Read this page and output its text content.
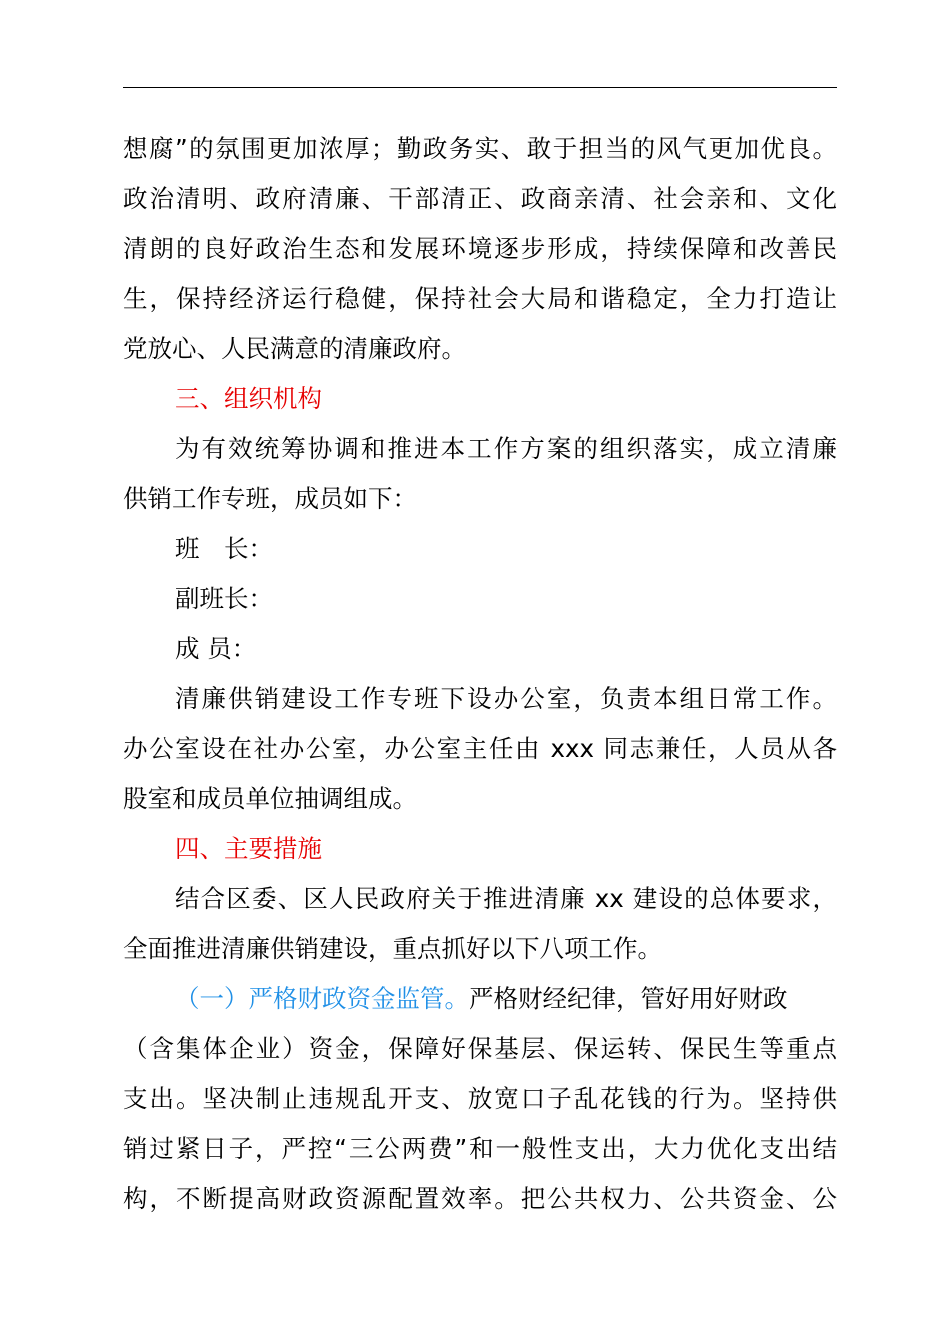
想腐”的氛围更加浓厚；勤政务实、敢于担当的风气更加优良。
政治清明、政府清廉、干部清正、政商亲清、社会亲和、文化
清朗的良好政治生态和发展环境逐步形成，持续保障和改善民
生，保持经济运行稳健，保持社会大局和谐稳定，全力打造让
党放心、人民满意的清廉政府。
三、组织机构
为有效统筹协调和推进本工作方案的组织落实，成立清廉
供销工作专班，成员如下：
班　长：
副班长：
成 员：
清廉供销建设工作专班下设办公室，负责本组日常工作。
办公室设在社办公室，办公室主任由 xxx 同志兼任，人员从各
股室和成员单位抽调组成。
四、主要措施
结合区委、区人民政府关于推进清廉 xx 建设的总体要求，
全面推进清廉供销建设，重点抓好以下八项工作。
（一）严格财政资金监管。严格财经纪律，管好用好财政
（含集体企业）资金，保障好保基层、保运转、保民生等重点
支出。坚决制止违规乱开支、放宽口子乱花钱的行为。坚持供
销过紧日子，严控“三公两费”和一般性支出，大力优化支出结
构，不断提高财政资源配置效率。把公共权力、公共资金、公
